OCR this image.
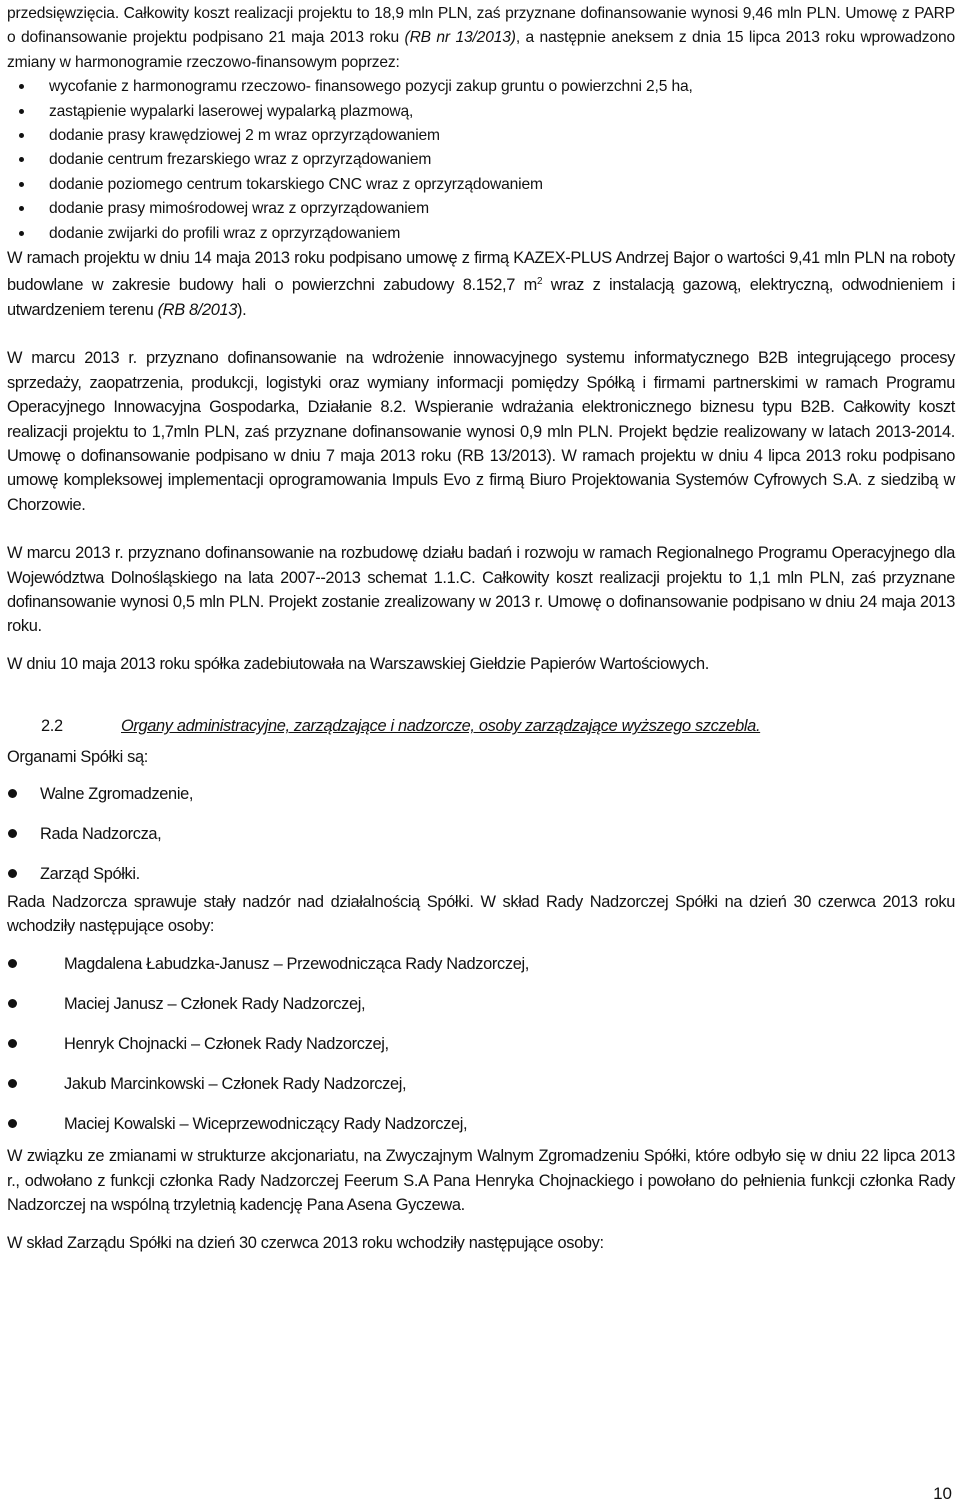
przedsięwzięcia. Całkowity koszt realizacji projektu to 18,9 mln PLN, zaś przyznane dofinansowanie wynosi 9,46 mln PLN. Umowę z PARP o dofinansowanie projektu podpisano 21 maja 2013 roku (RB nr 13/2013), a następnie aneksem z dnia 15 lipca 2013 roku wprowadzono zmiany w harmonogramie rzeczowo-finansowym poprzez:

wycofanie z harmonogramu rzeczowo- finansowego pozycji zakup gruntu o powierzchni 2,5 ha,
zastąpienie wypalarki laserowej wypalarką plazmową,
dodanie prasy krawędziowej 2 m wraz oprzyrządowaniem
dodanie centrum frezarskiego wraz z oprzyrządowaniem
dodanie poziomego centrum tokarskiego CNC wraz z oprzyrządowaniem
dodanie prasy mimośrodowej wraz z oprzyrządowaniem
dodanie zwijarki do profili wraz z oprzyrządowaniem

W ramach projektu w dniu 14 maja 2013 roku podpisano umowę z firmą KAZEX-PLUS Andrzej Bajor o wartości 9,41 mln PLN na roboty budowlane w zakresie budowy hali o powierzchni zabudowy 8.152,7 $m^2$ wraz z instalacją gazową, elektryczną, odwodnieniem i utwardzeniem terenu (RB 8/2013).

W marcu 2013 r. przyznano dofinansowanie na wdrożenie innowacyjnego systemu informatycznego B2B integrującego procesy sprzedaży, zaopatrzenia, produkcji, logistyki oraz wymiany informacji pomiędzy Spółką i firmami partnerskimi w ramach Programu Operacyjnego Innowacyjna Gospodarka, Działanie 8.2. Wspieranie wdrażania elektronicznego biznesu typu B2B. Całkowity koszt realizacji projektu to 1,7mln PLN, zaś przyznane dofinansowanie wynosi 0,9 mln PLN. Projekt będzie realizowany w latach 2013-2014. Umowę o dofinansowanie podpisano w dniu 7 maja 2013 roku (RB 13/2013). W ramach projektu w dniu 4 lipca 2013 roku podpisano umowę kompleksowej implementacji oprogramowania Impuls Evo z firmą Biuro Projektowania Systemów Cyfrowych S.A. z siedzibą w Chorzowie.

W marcu 2013 r. przyznano dofinansowanie na rozbudowę działu badań i rozwoju w ramach Regionalnego Programu Operacyjnego dla Województwa Dolnośląskiego na lata 2007--2013 schemat 1.1.C. Całkowity koszt realizacji projektu to 1,1 mln PLN, zaś przyznane dofinansowanie wynosi 0,5 mln PLN. Projekt zostanie zrealizowany w 2013 r. Umowę o dofinansowanie podpisano w dniu 24 maja 2013 roku.

W dniu 10 maja 2013 roku spółka zadebiutowała na Warszawskiej Giełdzie Papierów Wartościowych.

2.2	Organy administracyjne, zarządzające i nadzorcze, osoby zarządzające wyższego szczebla.

Organami Spółki są:

Walne Zgromadzenie,
Rada Nadzorcza,
Zarząd Spółki.

Rada Nadzorcza sprawuje stały nadzór nad działalnością Spółki. W skład Rady Nadzorczej Spółki na dzień 30 czerwca 2013 roku wchodziły następujące osoby:

Magdalena Łabudzka-Janusz – Przewodnicząca Rady Nadzorczej,
Maciej Janusz – Członek Rady Nadzorczej,
Henryk Chojnacki – Członek Rady Nadzorczej,
Jakub Marcinkowski – Członek Rady Nadzorczej,
Maciej Kowalski – Wiceprzewodniczący Rady Nadzorczej,

W związku ze zmianami w strukturze akcjonariatu, na Zwyczajnym Walnym Zgromadzeniu Spółki, które odbyło się w dniu 22 lipca 2013 r., odwołano z funkcji członka Rady Nadzorczej Feerum S.A Pana Henryka Chojnackiego i powołano do pełnienia funkcji członka Rady Nadzorczej na wspólną trzyletnią kadencję Pana Asena Gyczewa.

W skład Zarządu Spółki na dzień 30 czerwca 2013 roku wchodziły następujące osoby:

10
